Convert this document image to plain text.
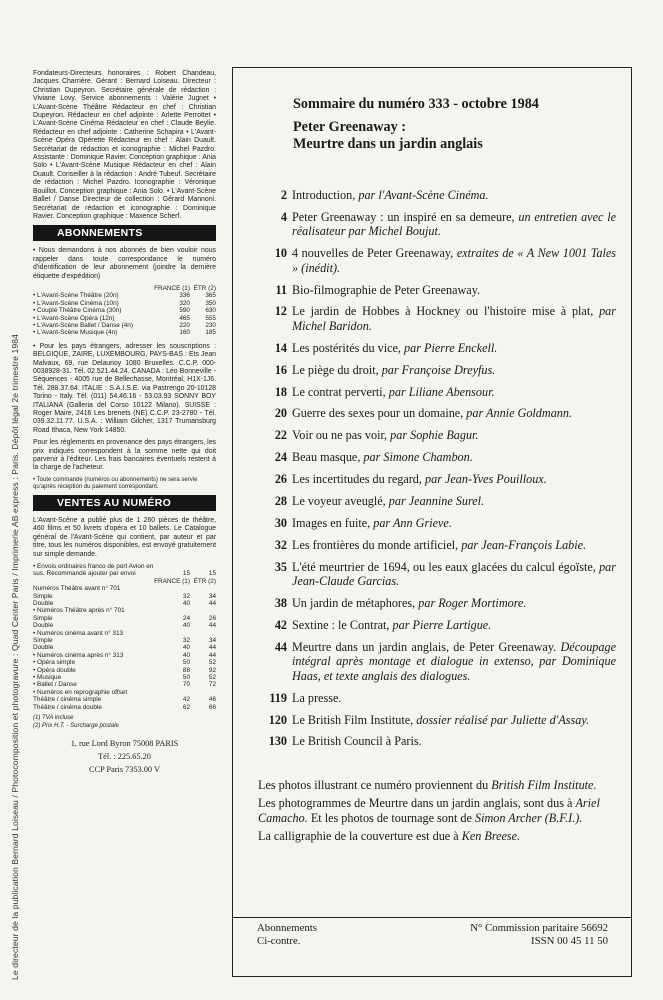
Le directeur de la publication Bernard Loiseau / Photocomposition et photogravure : Quad Center Paris / Imprimerie AB express : Paris. Dépôt légal 2e trimestre 1984

Fondateurs-Directeurs honoraires : Robert Chandeau, Jacques Charrière. Gérant : Bernard Loiseau. Directeur : Christian Dupeyron. Secrétaire générale de rédaction : Viviane Lovy. Service abonnements : Valérie Jugnet • L'Avant-Scène Théâtre Rédacteur en chef : Christian Dupeyron. Rédacteur en chef adjointe : Arlette Perrottet • L'Avant-Scène Cinéma Rédacteur en chef : Claude Beylie. Rédacteur en chef adjointe : Catherine Schapira • L'Avant-Scène Opéra Opérette Rédacteur en chef : Alain Duault. Secrétariat de rédaction et iconographie : Michel Pazdro. Assistante : Dominique Ravier. Conception graphique : Ania Solo • L'Avant-Scène Musique Rédacteur en chef : Alain Duault. Conseiller à la rédaction : André Tubeuf. Secrétaire de rédaction : Michel Pazdro. Iconographie : Véronique Bouillot. Conception graphique : Ania Solo. • L'Avant-Scène Ballet / Danse Directeur de collection : Gérard Mannoni. Secrétariat de rédaction et iconographie : Dominique Ravier. Conception graphique : Maxence Scherf.

ABONNEMENTS

• Nous demandons à nos abonnés de bien vouloir nous rappeler dans toute correspondance le numéro d'identification de leur abonnement (joindre la dernière étiquette d'expédition)

	FRANCE (1)	ÉTR (2)
• L'Avant-Scène Théâtre (20n)	336	365
• L'Avant-Scène Cinéma (10n)	320	350
• Couplé Théâtre Cinéma (30n)	590	630
• L'Avant-Scène Opéra (12n)	465	555
• L'Avant-Scène Ballet / Danse (4n)	220	230
• L'Avant-Scène Musique (4n)	160	185

• Pour les pays étrangers, adresser les souscriptions : BELGIQUE, ZAIRE, LUXEMBOURG, PAYS-BAS : Ets Jean Malvaux, 69, rue Delaunoy 1080 Bruxelles. C.C.P. 000-0038928-31. Tél. 02.521.44.24. CANADA : Léo Bonneville - Séquences - 4005 rue de Bellechasse, Montréal, H1X-1J6. Tél. 288.37.64. ITALIE : S.A.I.S.E. via Pastrengo 20-10128 Torino - Italy. Tél. (011) 54.46.16 - 53.03.93 SONNY BOY ITALIANA (Galleria del Corso 10122 Milano). SUISSE : Roger Maire, 2416 Les brenets (NE) C.C.P. 23-2780 - Tél. 039.32.11.77. U.S.A. : William Gilcher, 1317 Trumansburg Road Ithaca, New York 14850.

Pour les règlements en provenance des pays étrangers, les prix indiqués correspondent à la somme nette qui doit parvenir à l'éditeur. Les frais bancaires éventuels restent à la charge de l'acheteur.

• Toute commande (numéros ou abonnements) ne sera servie qu'après réception du paiement correspondant.

VENTES AU NUMÉRO

L'Avant-Scène a publié plus de 1 260 pièces de théâtre, 460 films et 50 livrets d'opéra et 10 ballets. Le Catalogue général de l'Avant-Scène qui contient, par auteur et par titre, tous les numéros disponibles, est envoyé gratuitement sur simple demande.

• Envois ordinaires franco de port Avion en sus. Recommandé ajouter par envoi	15	15
	FRANCE (1)	ÉTR (2)
Numéros Théâtre avant n° 701		
Simple	32	34
Double	40	44
• Numéros Théâtre après n° 701		
Simple	24	26
Double	40	44
• Numéros cinéma avant n° 313		
Simple	32	34
Double	40	44
• Numéros cinéma après n° 313	40	44
• Opéra simple	50	52
• Opéra double	88	92
• Musique	50	52
• Ballet / Danse	70	72
• Numéros en reprographie offset		
Théâtre / cinéma simple	42	46
Théâtre / cinéma double	62	66

(1) TVA incluse

(2) Prix H.T. - Surcharge postale

1, rue Lord Byron 75008 PARIS
Tél. : 225.65.20
CCP Paris 7353.00 V
Sommaire du numéro 333 - octobre 1984
Peter Greenaway :
Meurtre dans un jardin anglais
2 Introduction, par l'Avant-Scène Cinéma.
4 Peter Greenaway : un inspiré en sa demeure, un entretien avec le réalisateur par Michel Boujut.
10 4 nouvelles de Peter Greenaway, extraites de « A New 1001 Tales » (inédit).
11 Bio-filmographie de Peter Greenaway.
12 Le jardin de Hobbes à Hockney ou l'histoire mise à plat, par Michel Baridon.
14 Les postérités du vice, par Pierre Enckell.
16 Le piège du droit, par Françoise Dreyfus.
18 Le contrat perverti, par Liliane Abensour.
20 Guerre des sexes pour un domaine, par Annie Goldmann.
22 Voir ou ne pas voir, par Sophie Bagur.
24 Beau masque, par Simone Chambon.
26 Les incertitudes du regard, par Jean-Yves Pouilloux.
28 Le voyeur aveuglé, par Jeannine Surel.
30 Images en fuite, par Ann Grieve.
32 Les frontières du monde artificiel, par Jean-François Labie.
35 L'été meurtrier de 1694, ou les eaux glacées du calcul égoïste, par Jean-Claude Garcias.
38 Un jardin de métaphores, par Roger Mortimore.
42 Sextine : le Contrat, par Pierre Lartigue.
44 Meurtre dans un jardin anglais, de Peter Greenaway. Découpage intégral après montage et dialogue in extenso, par Dominique Haas, et texte anglais des dialogues.
119 La presse.
120 Le British Film Institute, dossier réalisé par Juliette d'Assay.
130 Le British Council à Paris.

Les photos illustrant ce numéro proviennent du British Film Institute.

Les photogrammes de Meurtre dans un jardin anglais, sont dus à Ariel Camacho. Et les photos de tournage sont de Simon Archer (B.F.I.).

La calligraphie de la couverture est due à Ken Breese.

Abonnements
Ci-contre.
N° Commission paritaire 56692
ISSN 00 45 11 50
